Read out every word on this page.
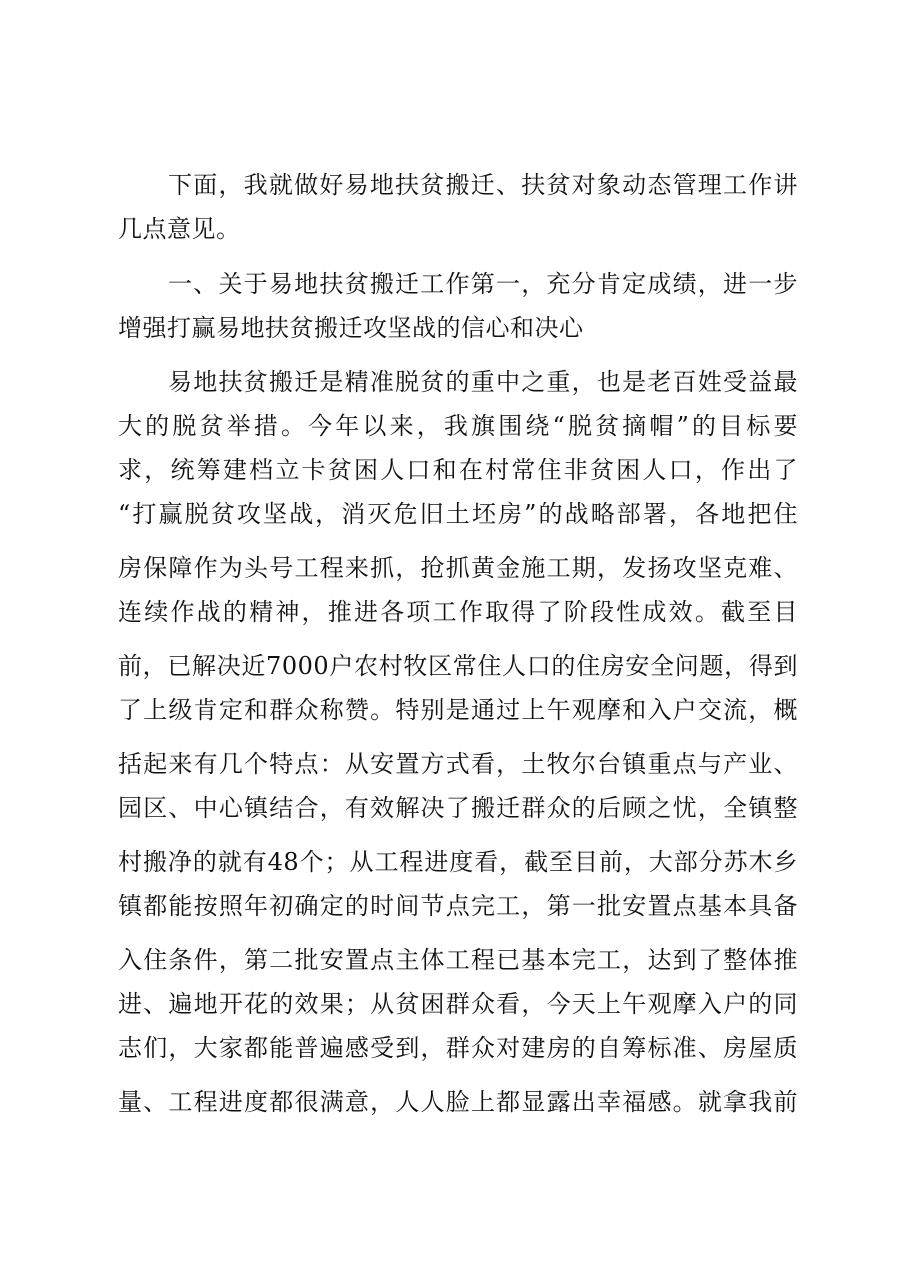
下面，我就做好易地扶贫搬迁、扶贫对象动态管理工作讲
几点意见。
一、关于易地扶贫搬迁工作第一，充分肯定成绩，进一步
增强打赢易地扶贫搬迁攻坚战的信心和决心
易地扶贫搬迁是精准脱贫的重中之重，也是老百姓受益最
大的脱贫举措。今年以来，我旗围绕“脱贫摘帽”的目标要
求，统筹建档立卡贫困人口和在村常住非贫困人口，作出了
“打赢脱贫攻坚战，消灭危旧土坯房”的战略部署，各地把住
房保障作为头号工程来抓，抢抓黄金施工期，发扬攻坚克难、
连续作战的精神，推进各项工作取得了阶段性成效。截至目
前，已解决近7000户农村牧区常住人口的住房安全问题，得到
了上级肯定和群众称赞。特别是通过上午观摩和入户交流，概
括起来有几个特点：从安置方式看，土牧尔台镇重点与产业、
园区、中心镇结合，有效解决了搬迁群众的后顾之忧，全镇整
村搬净的就有48个；从工程进度看，截至目前，大部分苏木乡
镇都能按照年初确定的时间节点完工，第一批安置点基本具备
入住条件，第二批安置点主体工程已基本完工，达到了整体推
进、遍地开花的效果；从贫困群众看，今天上午观摩入户的同
志们，大家都能普遍感受到，群众对建房的自筹标准、房屋质
量、工程进度都很满意，人人脸上都显露出幸福感。就拿我前
